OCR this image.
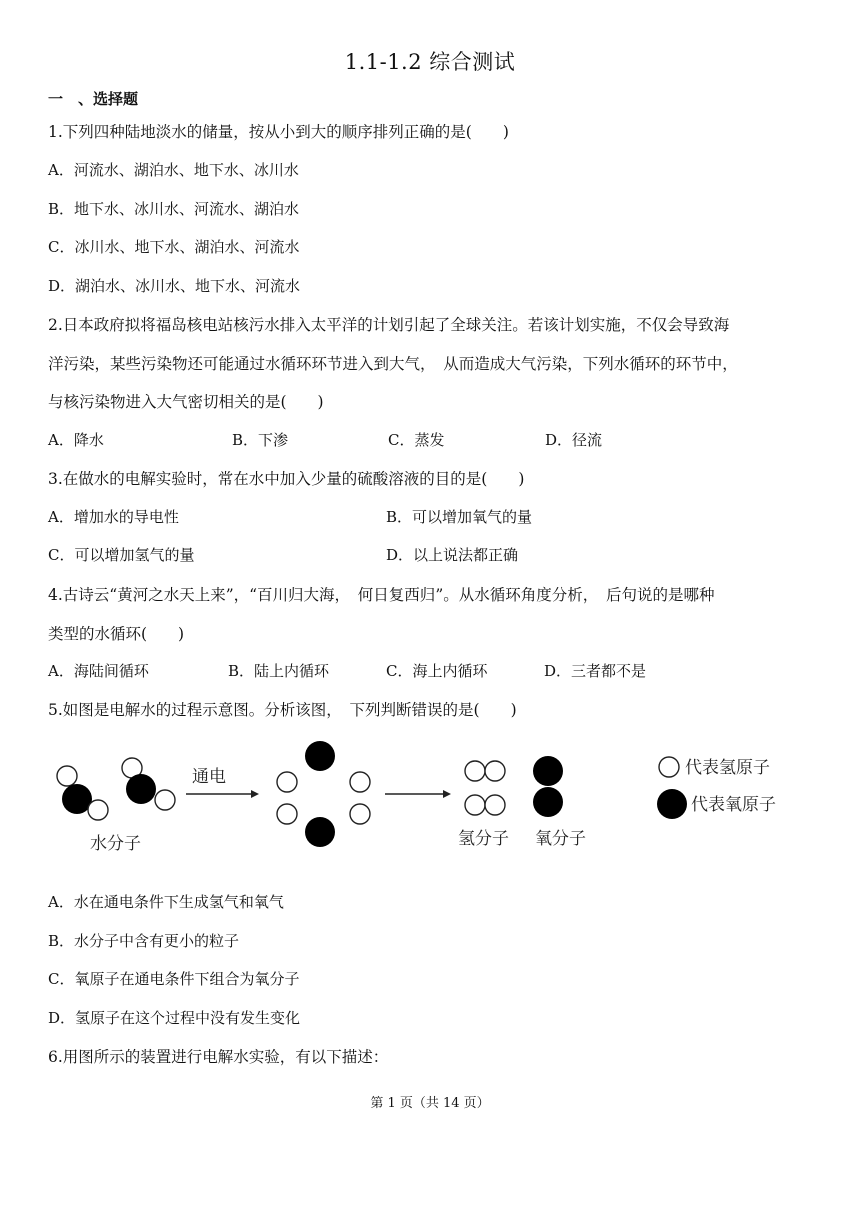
1.1-1.2 综合测试
一　、选择题
1.下列四种陆地淡水的储量，按从小到大的顺序排列正确的是(　　)
A．河流水、湖泊水、地下水、冰川水
B．地下水、冰川水、河流水、湖泊水
C．冰川水、地下水、湖泊水、河流水
D．湖泊水、冰川水、地下水、河流水
2.日本政府拟将福岛核电站核污水排入太平洋的计划引起了全球关注。若该计划实施，不仅会导致海
洋污染，某些污染物还可能通过水循环环节进入到大气，　从而造成大气污染，下列水循环的环节中，
与核污染物进入大气密切相关的是(　　)
A．降水	B．下渗	C．蒸发	D．径流
3.在做水的电解实验时，常在水中加入少量的硫酸溶液的目的是(　　)
A．增加水的导电性	B．可以增加氧气的量
C．可以增加氢气的量	D．以上说法都正确
4.古诗云“黄河之水天上来”，“百川归大海，　何日复西归”。从水循环角度分析，　后句说的是哪种
类型的水循环(　　)
A．海陆间循环	B．陆上内循环	C．海上内循环	D．三者都不是
5.如图是电解水的过程示意图。分析该图，　下列判断错误的是(　　)
水分子
通电
氢分子 氧分子
代表氢原子
代表氧原子
A．水在通电条件下生成氢气和氧气
B．水分子中含有更小的粒子
C．氧原子在通电条件下组合为氧分子
D．氢原子在这个过程中没有发生变化
6.用图所示的装置进行电解水实验，有以下描述：
第 1 页（共 14 页）
